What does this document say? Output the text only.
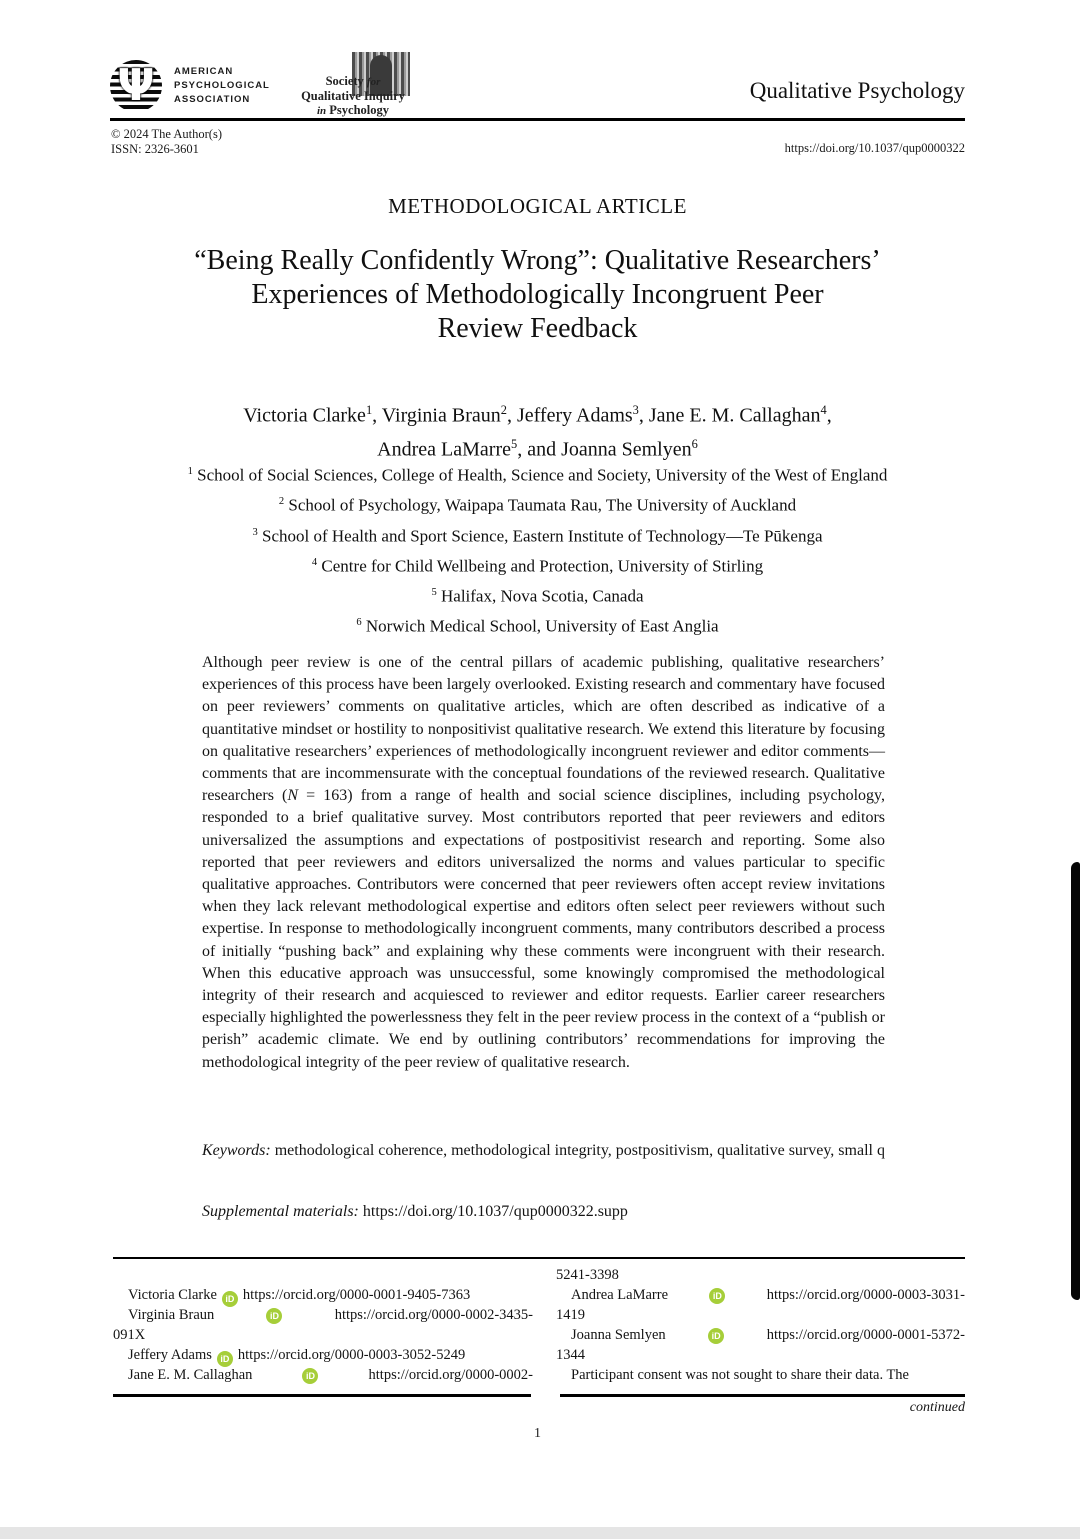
Ψ AMERICAN
PSYCHOLOGICAL
ASSOCIATION
Society for
Qualitative Inquiry
in Psychology
Qualitative Psychology
© 2024 The Author(s)
ISSN: 2326-3601	https://doi.org/10.1037/qup0000322
METHODOLOGICAL ARTICLE
“Being Really Confidently Wrong”: Qualitative Researchers’
Experiences of Methodologically Incongruent Peer
Review Feedback
Victoria Clarke$^1$, Virginia Braun$^2$, Jeffery Adams$^3$, Jane E. M. Callaghan$^4$,
Andrea LaMarre$^5$, and Joanna Semlyen$^6$
$^1$ School of Social Sciences, College of Health, Science and Society, University of the West of England
$^2$ School of Psychology, Waipapa Taumata Rau, The University of Auckland
$^3$ School of Health and Sport Science, Eastern Institute of Technology—Te Pūkenga
$^4$ Centre for Child Wellbeing and Protection, University of Stirling
$^5$ Halifax, Nova Scotia, Canada
$^6$ Norwich Medical School, University of East Anglia

Although peer review is one of the central pillars of academic publishing, qualitative researchers’ experiences of this process have been largely overlooked. Existing research and commentary have focused on peer reviewers’ comments on qualitative articles, which are often described as indicative of a quantitative mindset or hostility to nonpositivist qualitative research. We extend this literature by focusing on qualitative researchers’ experiences of methodologically incongruent reviewer and editor comments—comments that are incommensurate with the conceptual foundations of the reviewed research. Qualitative researchers (N = 163) from a range of health and social science disciplines, including psychology, responded to a brief qualitative survey. Most contributors reported that peer reviewers and editors universalized the assumptions and expectations of postpositivist research and reporting. Some also reported that peer reviewers and editors universalized the norms and values particular to specific qualitative approaches. Contributors were concerned that peer reviewers often accept review invitations when they lack relevant methodological expertise and editors often select peer reviewers without such expertise. In response to methodologically incongruent comments, many contributors described a process of initially “pushing back” and explaining why these comments were incongruent with their research. When this educative approach was unsuccessful, some knowingly compromised the methodological integrity of their research and acquiesced to reviewer and editor requests. Earlier career researchers especially highlighted the powerlessness they felt in the peer review process in the context of a “publish or perish” academic climate. We end by outlining contributors’ recommendations for improving the methodological integrity of the peer review of qualitative research.

Keywords: methodological coherence, methodological integrity, postpositivism, qualitative survey, small q

Supplemental materials: https://doi.org/10.1037/qup0000322.supp

Victoria Clarke iD https://orcid.org/0000-0001-9405-7363
Virginia Braun	iD	https://orcid.org/0000-0002-3435-
091X
Jeffery Adams iD https://orcid.org/0000-0003-3052-5249
Jane E. M. Callaghan	iD	https://orcid.org/0000-0002-
5241-3398
Andrea LaMarre	iD	https://orcid.org/0000-0003-3031-
1419
Joanna Semlyen	iD	https://orcid.org/0000-0001-5372-
1344
Participant consent was not sought to share their data. The
continued
1
